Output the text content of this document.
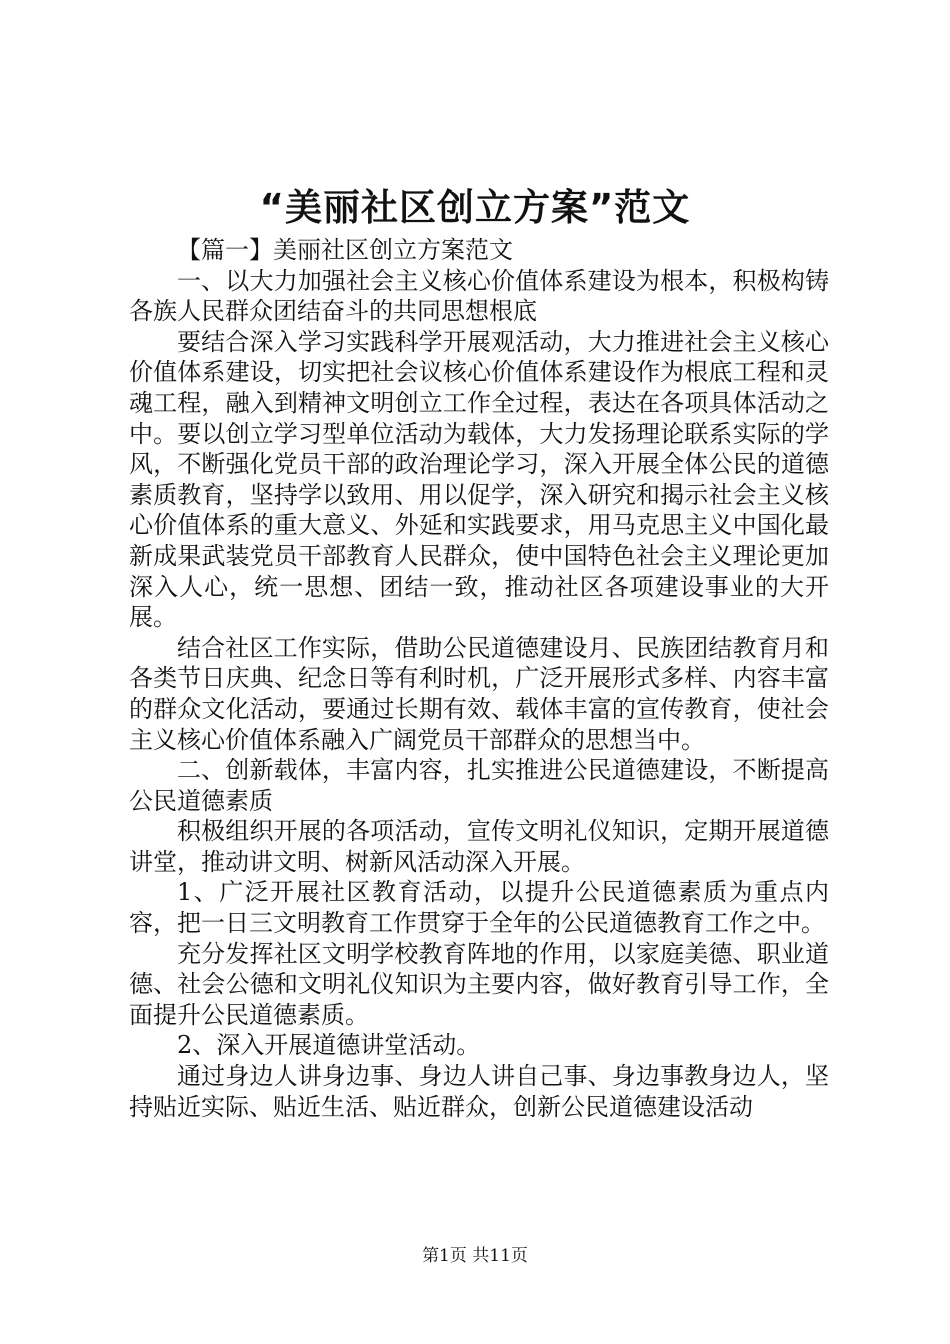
“美丽社区创立方案”范文

【篇一】美丽社区创立方案范文

一、以大力加强社会主义核心价值体系建设为根本，积极构铸各族人民群众团结奋斗的共同思想根底

要结合深入学习实践科学开展观活动，大力推进社会主义核心价值体系建设，切实把社会议核心价值体系建设作为根底工程和灵魂工程，融入到精神文明创立工作全过程，表达在各项具体活动之中。要以创立学习型单位活动为载体，大力发扬理论联系实际的学风，不断强化党员干部的政治理论学习，深入开展全体公民的道德素质教育，坚持学以致用、用以促学，深入研究和揭示社会主义核心价值体系的重大意义、外延和实践要求，用马克思主义中国化最新成果武装党员干部教育人民群众，使中国特色社会主义理论更加深入人心，统一思想、团结一致，推动社区各项建设事业的大开展。

结合社区工作实际，借助公民道德建设月、民族团结教育月和各类节日庆典、纪念日等有利时机，广泛开展形式多样、内容丰富的群众文化活动，要通过长期有效、载体丰富的宣传教育，使社会主义核心价值体系融入广阔党员干部群众的思想当中。

二、创新载体，丰富内容，扎实推进公民道德建设，不断提高公民道德素质

积极组织开展的各项活动，宣传文明礼仪知识，定期开展道德讲堂，推动讲文明、树新风活动深入开展。

1、广泛开展社区教育活动，以提升公民道德素质为重点内容，把一日三文明教育工作贯穿于全年的公民道德教育工作之中。

充分发挥社区文明学校教育阵地的作用，以家庭美德、职业道德、社会公德和文明礼仪知识为主要内容，做好教育引导工作，全面提升公民道德素质。

2、深入开展道德讲堂活动。

通过身边人讲身边事、身边人讲自己事、身边事教身边人，坚持贴近实际、贴近生活、贴近群众，创新公民道德建设活动

第1页 共11页
